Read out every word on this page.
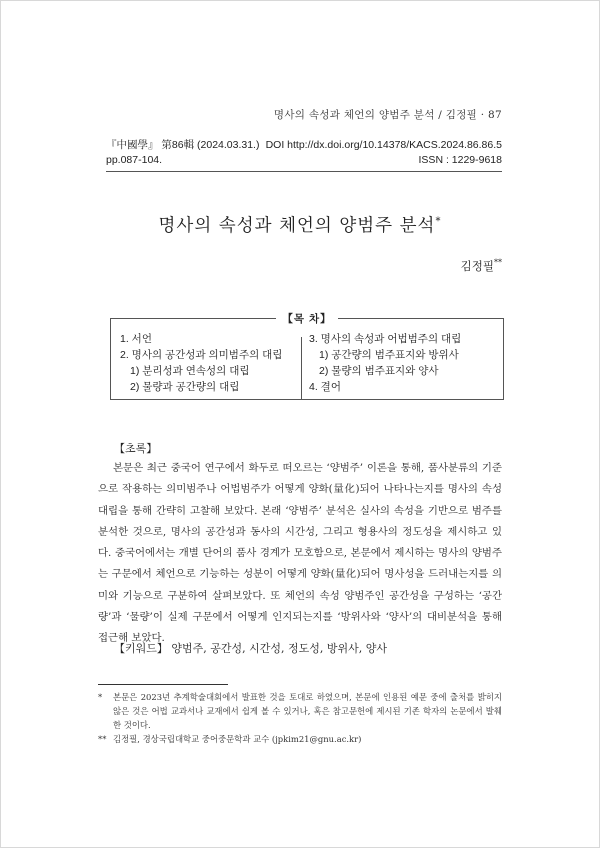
명사의 속성과 체언의 양범주 분석 / 김정필 · 87
『中國學』 第86輯 (2024.03.31.) DOI http://dx.doi.org/10.14378/KACS.2024.86.86.5
pp.087-104.	ISSN : 1229-9618
명사의 속성과 체언의 양범주 분석*
김정필**
【목 차】
1. 서언
2. 명사의 공간성과 의미범주의 대립
1) 분리성과 연속성의 대립
2) 물량과 공간량의 대립
3. 명사의 속성과 어법범주의 대립
1) 공간량의 범주표지와 방위사
2) 물량의 범주표지와 양사
4. 결어
【초록】

본문은 최근 중국어 연구에서 화두로 떠오르는 ‘양범주’ 이론을 통해, 품사분류의 기준으로 작용하는 의미범주나 어법범주가 어떻게 양화(量化)되어 나타나는지를 명사의 속성 대립을 통해 간략히 고찰해 보았다. 본래 ‘양범주’ 분석은 실사의 속성을 기반으로 범주를 분석한 것으로, 명사의 공간성과 동사의 시간성, 그리고 형용사의 정도성을 제시하고 있다. 중국어에서는 개별 단어의 품사 경계가 모호함으로, 본문에서 제시하는 명사의 양범주는 구문에서 체언으로 기능하는 성분이 어떻게 양화(量化)되어 명사성을 드러내는지를 의미와 기능으로 구분하여 살펴보았다. 또 체언의 속성 양범주인 공간성을 구성하는 ‘공간량’과 ‘물량’이 실제 구문에서 어떻게 인지되는지를 ‘방위사와 ‘양사’의 대비분석을 통해 접근해 보았다.

【키워드】 양범주, 공간성, 시간성, 정도성, 방위사, 양사
*	본문은 2023년 추계학술대회에서 발표한 것을 토대로 하였으며, 본문에 인용된 예문 중에 출처를 밝히지 않은 것은 어법 교과서나 교재에서 쉽게 볼 수 있거나, 혹은 참고문헌에 제시된 기존 학자의 논문에서 발췌한 것이다.
** 김정필, 경상국립대학교 중어중문학과 교수 (jpkim21@gnu.ac.kr)
